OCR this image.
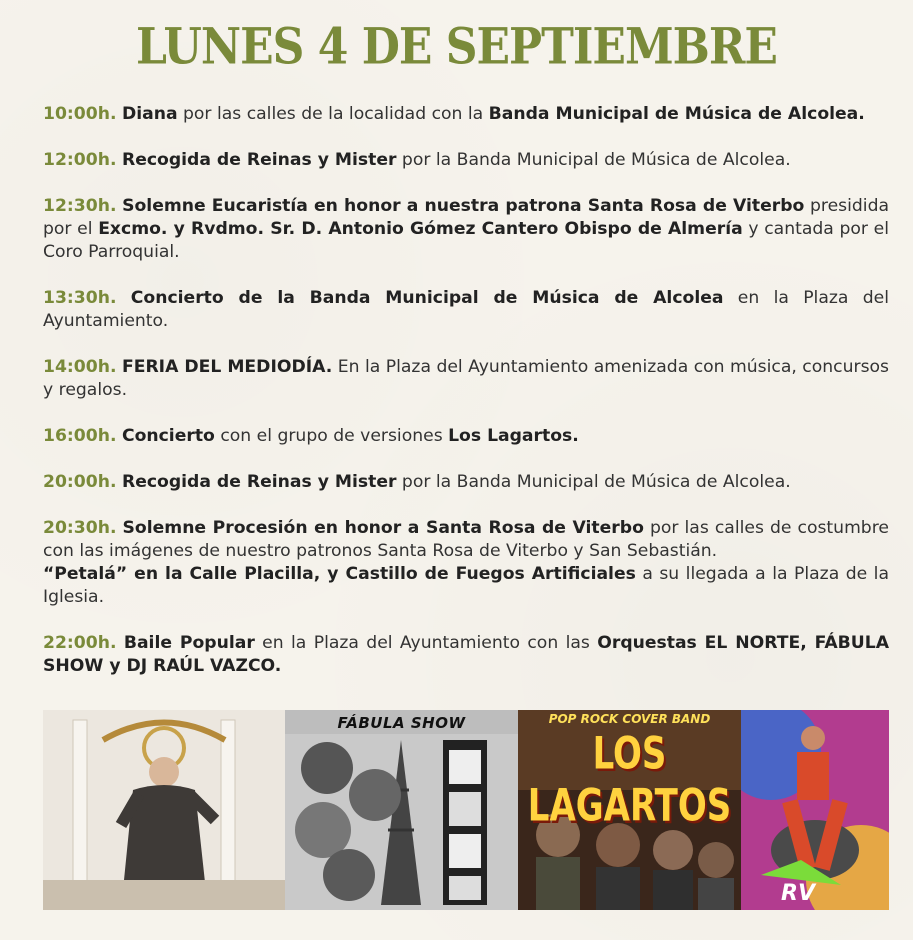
LUNES 4 DE SEPTIEMBRE
10:00h. Diana por las calles de la localidad con la Banda Municipal de Música de Alcolea.
12:00h. Recogida de Reinas y Mister por la Banda Municipal de Música de Alcolea.
12:30h. Solemne Eucaristía en honor a nuestra patrona Santa Rosa de Viterbo presidida por el Excmo. y Rvdmo. Sr. D. Antonio Gómez Cantero Obispo de Almería y cantada por el Coro Parroquial.
13:30h. Concierto de la Banda Municipal de Música de Alcolea en la Plaza del Ayuntamiento.
14:00h. FERIA DEL MEDIODÍA. En la Plaza del Ayuntamiento amenizada con música, concursos y regalos.
16:00h. Concierto con el grupo de versiones Los Lagartos.
20:00h. Recogida de Reinas y Mister por la Banda Municipal de Música de Alcolea.
20:30h. Solemne Procesión en honor a Santa Rosa de Viterbo por las calles de costumbre con las imágenes de nuestro patronos Santa Rosa de Viterbo y San Sebastián.
“Petalá” en la Calle Placilla, y Castillo de Fuegos Artificiales a su llegada a la Plaza de la Iglesia.
22:00h. Baile Popular en la Plaza del Ayuntamiento con las Orquestas EL NORTE, FÁBULA SHOW y DJ RAÚL VAZCO.
FÁBULA SHOW	POP ROCK COVER BAND
LOS LAGARTOS
RV
